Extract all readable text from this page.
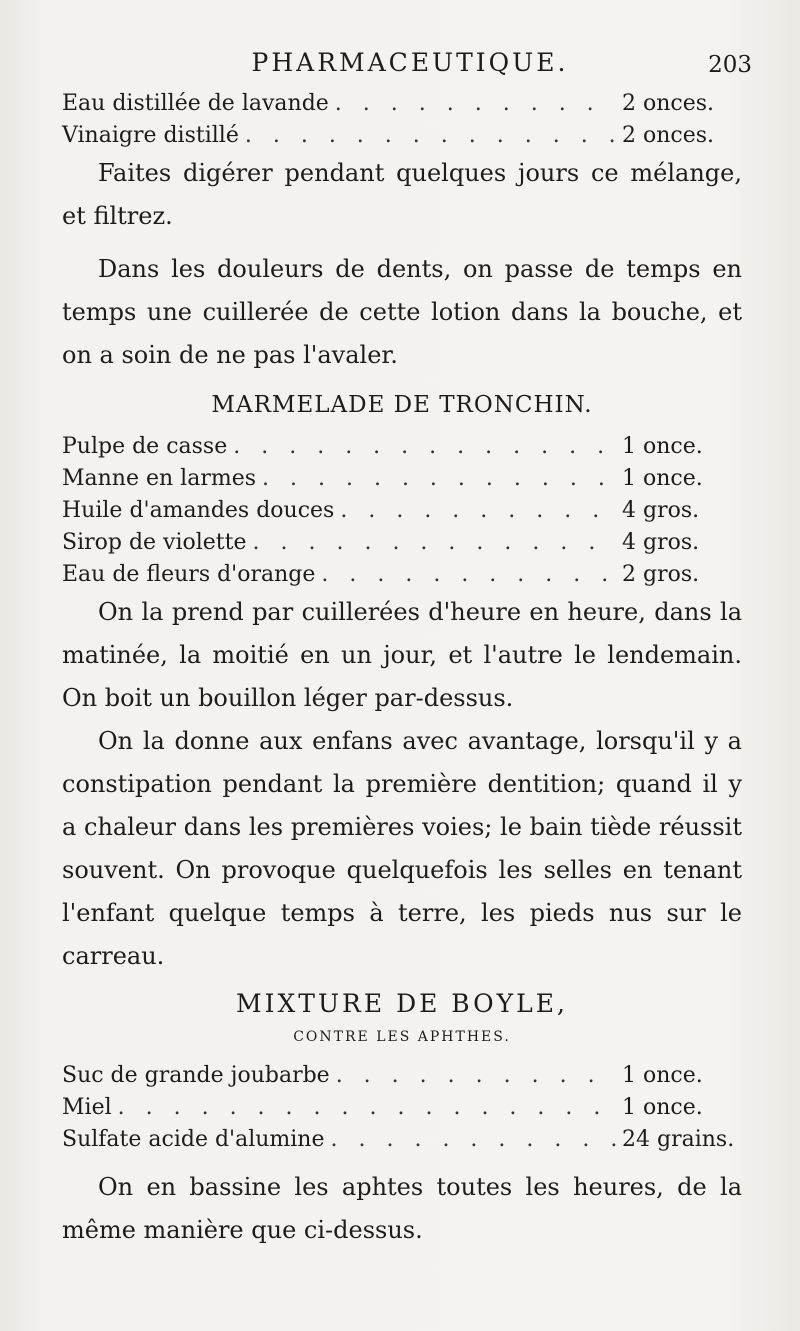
PHARMACEUTIQUE.	203
Eau distillée de lavande . . .	2 onces.
Vinaigre distillé . . .	2 onces.

Faites digérer pendant quelques jours ce mélange, et filtrez.

Dans les douleurs de dents, on passe de temps en temps une cuillerée de cette lotion dans la bouche, et on a soin de ne pas l'avaler.

MARMELADE DE TRONCHIN.
Pulpe de casse . . .	1 once.
Manne en larmes . . .	1 once.
Huile d'amandes douces . . .	4 gros.
Sirop de violette . . .	4 gros.
Eau de fleurs d'orange . . .	2 gros.

On la prend par cuillerées d'heure en heure, dans la matinée, la moitié en un jour, et l'autre le lendemain. On boit un bouillon léger par-dessus.

On la donne aux enfans avec avantage, lorsqu'il y a constipation pendant la première dentition; quand il y a chaleur dans les premières voies; le bain tiède réussit souvent. On provoque quelquefois les selles en tenant l'enfant quelque temps à terre, les pieds nus sur le carreau.

MIXTURE DE BOYLE,
CONTRE LES APHTHES.
Suc de grande joubarbe . . .	1 once.
Miel . . .	1 once.
Sulfate acide d'alumine . . .	24 grains.

On en bassine les aphtes toutes les heures, de la même manière que ci-dessus.
